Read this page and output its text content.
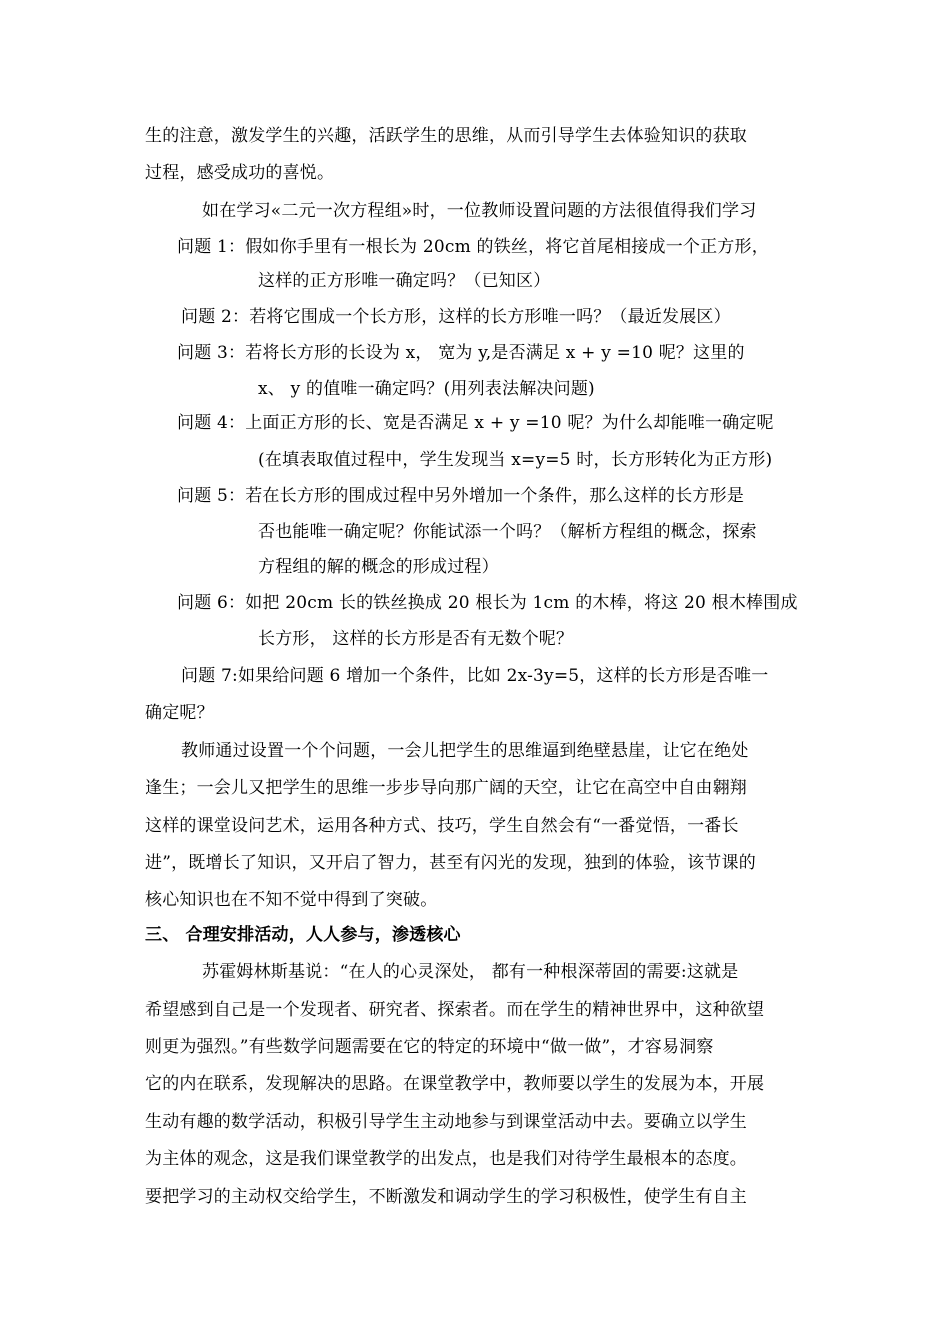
生的注意，激发学生的兴趣，活跃学生的思维，从而引导学生去体验知识的获取
过程，感受成功的喜悦。
如在学习«二元一次方程组»时，一位教师设置问题的方法很值得我们学习
问题 1：假如你手里有一根长为 20cm 的铁丝，将它首尾相接成一个正方形，
这样的正方形唯一确定吗？（已知区）
问题 2：若将它围成一个长方形，这样的长方形唯一吗？（最近发展区）
问题 3：若将长方形的长设为 x， 宽为 y,是否满足 x + y =10 呢？这里的
x、 y 的值唯一确定吗？(用列表法解决问题)
问题 4：上面正方形的长、宽是否满足 x + y =10 呢？为什么却能唯一确定呢
(在填表取值过程中，学生发现当 x=y=5 时，长方形转化为正方形)
问题 5：若在长方形的围成过程中另外增加一个条件，那么这样的长方形是
否也能唯一确定呢？你能试添一个吗？（解析方程组的概念，探索
方程组的解的概念的形成过程）
问题 6：如把 20cm 长的铁丝换成 20 根长为 1cm 的木棒，将这 20 根木棒围成
长方形， 这样的长方形是否有无数个呢？
问题 7:如果给问题 6 增加一个条件，比如 2x-3y=5，这样的长方形是否唯一
确定呢？
教师通过设置一个个问题，一会儿把学生的思维逼到绝壁悬崖，让它在绝处
逢生；一会儿又把学生的思维一步步导向那广阔的天空，让它在高空中自由翱翔
这样的课堂设问艺术，运用各种方式、技巧，学生自然会有“一番觉悟，一番长
进”，既增长了知识，又开启了智力，甚至有闪光的发现，独到的体验，该节课的
核心知识也在不知不觉中得到了突破。
三、 合理安排活动，人人参与，渗透核心
苏霍姆林斯基说：“在人的心灵深处， 都有一种根深蒂固的需要:这就是
希望感到自己是一个发现者、研究者、探索者。而在学生的精神世界中，这种欲望
则更为强烈。”有些数学问题需要在它的特定的环境中“做一做”，才容易洞察
它的内在联系，发现解决的思路。在课堂教学中，教师要以学生的发展为本，开展
生动有趣的数学活动，积极引导学生主动地参与到课堂活动中去。要确立以学生
为主体的观念，这是我们课堂教学的出发点，也是我们对待学生最根本的态度。
要把学习的主动权交给学生，不断激发和调动学生的学习积极性，使学生有自主
